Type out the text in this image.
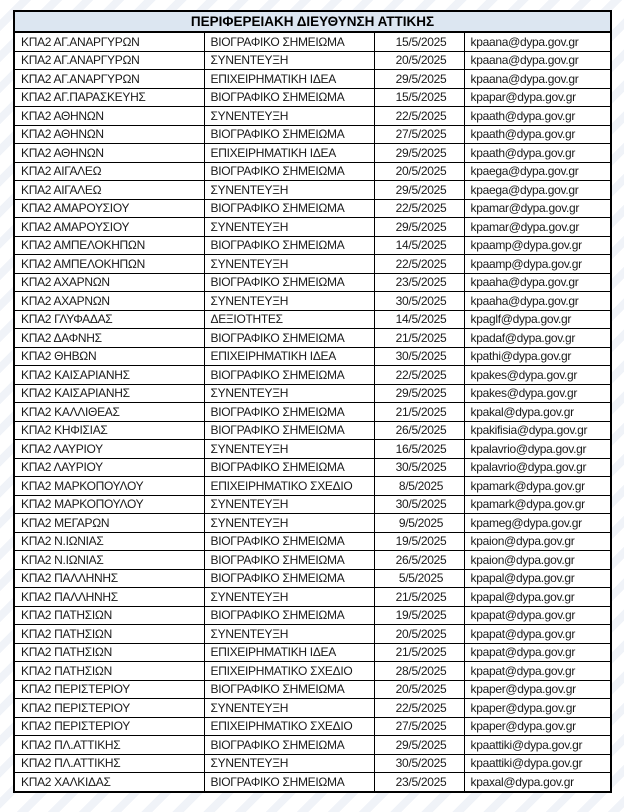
ΠΕΡΙΦΕΡΕΙΑΚΗ ΔΙΕΥΘΥΝΣΗ ΑΤΤΙΚΗΣ			
ΚΠΑ2 ΑΓ.ΑΝΑΡΓΥΡΩΝ	ΒΙΟΓΡΑΦΙΚΟ ΣΗΜΕΙΩΜΑ	15/5/2025	kpaana@dypa.gov.gr
ΚΠΑ2 ΑΓ.ΑΝΑΡΓΥΡΩΝ	ΣΥΝΕΝΤΕΥΞΗ	20/5/2025	kpaana@dypa.gov.gr
ΚΠΑ2 ΑΓ.ΑΝΑΡΓΥΡΩΝ	ΕΠΙΧΕΙΡΗΜΑΤΙΚΗ ΙΔΕΑ	29/5/2025	kpaana@dypa.gov.gr
ΚΠΑ2 ΑΓ.ΠΑΡΑΣΚΕΥΗΣ	ΒΙΟΓΡΑΦΙΚΟ ΣΗΜΕΙΩΜΑ	15/5/2025	kpapar@dypa.gov.gr
ΚΠΑ2 ΑΘΗΝΩΝ	ΣΥΝΕΝΤΕΥΞΗ	22/5/2025	kpaath@dypa.gov.gr
ΚΠΑ2 ΑΘΗΝΩΝ	ΒΙΟΓΡΑΦΙΚΟ ΣΗΜΕΙΩΜΑ	27/5/2025	kpaath@dypa.gov.gr
ΚΠΑ2 ΑΘΗΝΩΝ	ΕΠΙΧΕΙΡΗΜΑΤΙΚΗ ΙΔΕΑ	29/5/2025	kpaath@dypa.gov.gr
ΚΠΑ2 ΑΙΓΑΛΕΩ	ΒΙΟΓΡΑΦΙΚΟ ΣΗΜΕΙΩΜΑ	20/5/2025	kpaega@dypa.gov.gr
ΚΠΑ2 ΑΙΓΑΛΕΩ	ΣΥΝΕΝΤΕΥΞΗ	29/5/2025	kpaega@dypa.gov.gr
ΚΠΑ2 ΑΜΑΡΟΥΣΙΟΥ	ΒΙΟΓΡΑΦΙΚΟ ΣΗΜΕΙΩΜΑ	22/5/2025	kpamar@dypa.gov.gr
ΚΠΑ2 ΑΜΑΡΟΥΣΙΟΥ	ΣΥΝΕΝΤΕΥΞΗ	29/5/2025	kpamar@dypa.gov.gr
ΚΠΑ2 ΑΜΠΕΛΟΚΗΠΩΝ	ΒΙΟΓΡΑΦΙΚΟ ΣΗΜΕΙΩΜΑ	14/5/2025	kpaamp@dypa.gov.gr
ΚΠΑ2 ΑΜΠΕΛΟΚΗΠΩΝ	ΣΥΝΕΝΤΕΥΞΗ	22/5/2025	kpaamp@dypa.gov.gr
ΚΠΑ2 ΑΧΑΡΝΩΝ	ΒΙΟΓΡΑΦΙΚΟ ΣΗΜΕΙΩΜΑ	23/5/2025	kpaaha@dypa.gov.gr
ΚΠΑ2 ΑΧΑΡΝΩΝ	ΣΥΝΕΝΤΕΥΞΗ	30/5/2025	kpaaha@dypa.gov.gr
ΚΠΑ2 ΓΛΥΦΑΔΑΣ	ΔΕΞΙΟΤΗΤΕΣ	14/5/2025	kpaglf@dypa.gov.gr
ΚΠΑ2 ΔΑΦΝΗΣ	ΒΙΟΓΡΑΦΙΚΟ ΣΗΜΕΙΩΜΑ	21/5/2025	kpadaf@dypa.gov.gr
ΚΠΑ2 ΘΗΒΩΝ	ΕΠΙΧΕΙΡΗΜΑΤΙΚΗ ΙΔΕΑ	30/5/2025	kpathi@dypa.gov.gr
ΚΠΑ2 ΚΑΙΣΑΡΙΑΝΗΣ	ΒΙΟΓΡΑΦΙΚΟ ΣΗΜΕΙΩΜΑ	22/5/2025	kpakes@dypa.gov.gr
ΚΠΑ2 ΚΑΙΣΑΡΙΑΝΗΣ	ΣΥΝΕΝΤΕΥΞΗ	29/5/2025	kpakes@dypa.gov.gr
ΚΠΑ2 ΚΑΛΛΙΘΕΑΣ	ΒΙΟΓΡΑΦΙΚΟ ΣΗΜΕΙΩΜΑ	21/5/2025	kpakal@dypa.gov.gr
ΚΠΑ2 ΚΗΦΙΣΙΑΣ	ΒΙΟΓΡΑΦΙΚΟ ΣΗΜΕΙΩΜΑ	26/5/2025	kpakifisia@dypa.gov.gr
ΚΠΑ2 ΛΑΥΡΙΟΥ	ΣΥΝΕΝΤΕΥΞΗ	16/5/2025	kpalavrio@dypa.gov.gr
ΚΠΑ2 ΛΑΥΡΙΟΥ	ΒΙΟΓΡΑΦΙΚΟ ΣΗΜΕΙΩΜΑ	30/5/2025	kpalavrio@dypa.gov.gr
ΚΠΑ2 ΜΑΡΚΟΠΟΥΛΟΥ	ΕΠΙΧΕΙΡΗΜΑΤΙΚΟ ΣΧΕΔΙΟ	8/5/2025	kpamark@dypa.gov.gr
ΚΠΑ2 ΜΑΡΚΟΠΟΥΛΟΥ	ΣΥΝΕΝΤΕΥΞΗ	30/5/2025	kpamark@dypa.gov.gr
ΚΠΑ2 ΜΕΓΑΡΩΝ	ΣΥΝΕΝΤΕΥΞΗ	9/5/2025	kpameg@dypa.gov.gr
ΚΠΑ2 Ν.ΙΩΝΙΑΣ	ΒΙΟΓΡΑΦΙΚΟ ΣΗΜΕΙΩΜΑ	19/5/2025	kpaion@dypa.gov.gr
ΚΠΑ2 Ν.ΙΩΝΙΑΣ	ΒΙΟΓΡΑΦΙΚΟ ΣΗΜΕΙΩΜΑ	26/5/2025	kpaion@dypa.gov.gr
ΚΠΑ2 ΠΑΛΛΗΝΗΣ	ΒΙΟΓΡΑΦΙΚΟ ΣΗΜΕΙΩΜΑ	5/5/2025	kpapal@dypa.gov.gr
ΚΠΑ2 ΠΑΛΛΗΝΗΣ	ΣΥΝΕΝΤΕΥΞΗ	21/5/2025	kpapal@dypa.gov.gr
ΚΠΑ2 ΠΑΤΗΣΙΩΝ	ΒΙΟΓΡΑΦΙΚΟ ΣΗΜΕΙΩΜΑ	19/5/2025	kpapat@dypa.gov.gr
ΚΠΑ2 ΠΑΤΗΣΙΩΝ	ΣΥΝΕΝΤΕΥΞΗ	20/5/2025	kpapat@dypa.gov.gr
ΚΠΑ2 ΠΑΤΗΣΙΩΝ	ΕΠΙΧΕΙΡΗΜΑΤΙΚΗ ΙΔΕΑ	21/5/2025	kpapat@dypa.gov.gr
ΚΠΑ2 ΠΑΤΗΣΙΩΝ	ΕΠΙΧΕΙΡΗΜΑΤΙΚΟ ΣΧΕΔΙΟ	28/5/2025	kpapat@dypa.gov.gr
ΚΠΑ2 ΠΕΡΙΣΤΕΡΙΟΥ	ΒΙΟΓΡΑΦΙΚΟ ΣΗΜΕΙΩΜΑ	20/5/2025	kpaper@dypa.gov.gr
ΚΠΑ2 ΠΕΡΙΣΤΕΡΙΟΥ	ΣΥΝΕΝΤΕΥΞΗ	22/5/2025	kpaper@dypa.gov.gr
ΚΠΑ2 ΠΕΡΙΣΤΕΡΙΟΥ	ΕΠΙΧΕΙΡΗΜΑΤΙΚΟ ΣΧΕΔΙΟ	27/5/2025	kpaper@dypa.gov.gr
ΚΠΑ2 ΠΛ.ΑΤΤΙΚΗΣ	ΒΙΟΓΡΑΦΙΚΟ ΣΗΜΕΙΩΜΑ	29/5/2025	kpaattiki@dypa.gov.gr
ΚΠΑ2 ΠΛ.ΑΤΤΙΚΗΣ	ΣΥΝΕΝΤΕΥΞΗ	30/5/2025	kpaattiki@dypa.gov.gr
ΚΠΑ2 ΧΑΛΚΙΔΑΣ	ΒΙΟΓΡΑΦΙΚΟ ΣΗΜΕΙΩΜΑ	23/5/2025	kpaxal@dypa.gov.gr
